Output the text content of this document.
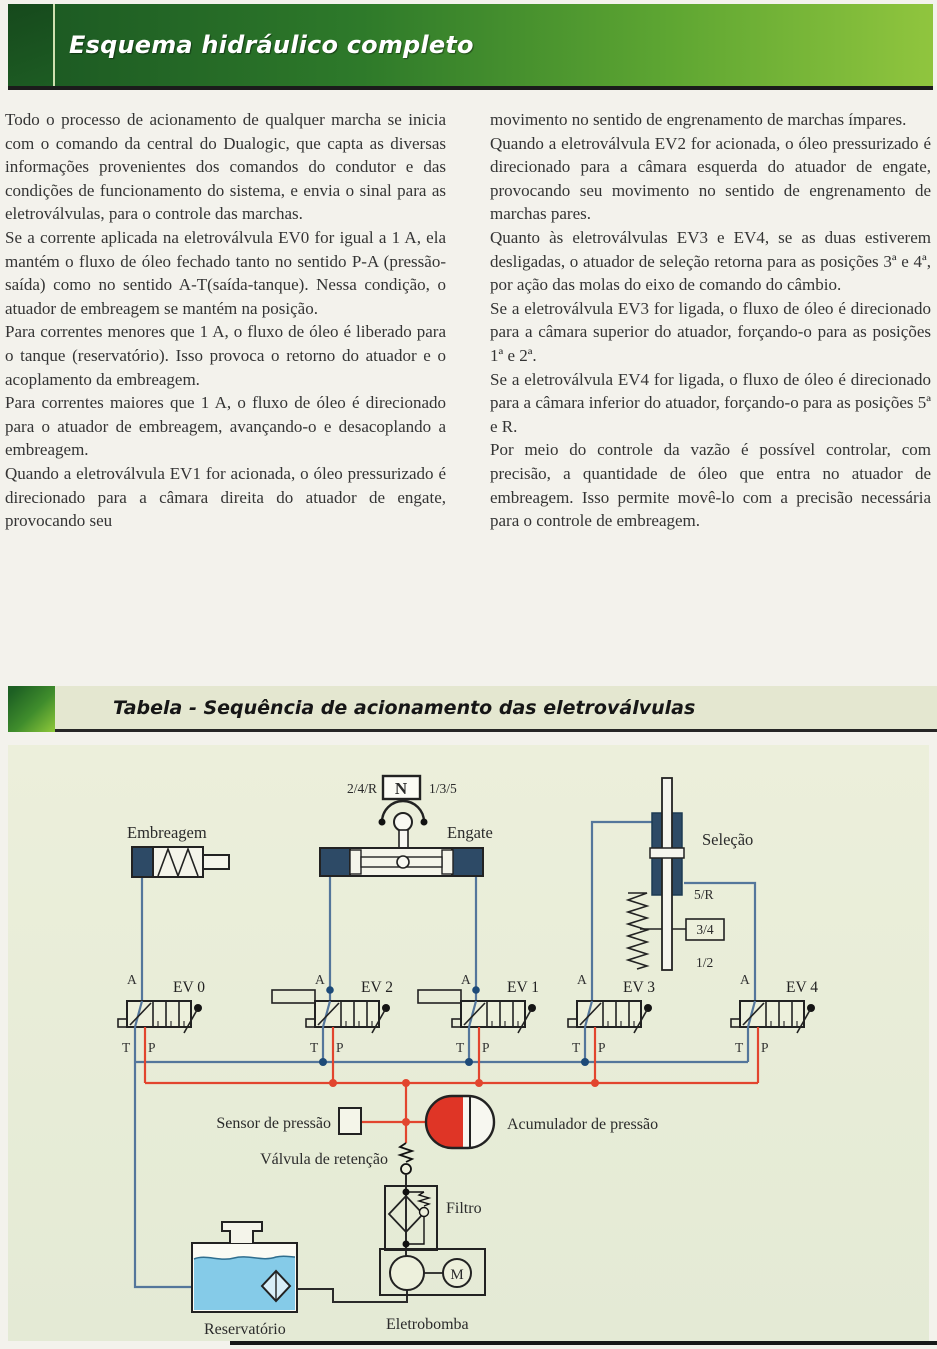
Esquema hidráulico completo

Todo o processo de acionamento de qualquer marcha se inicia com o comando da central do Dualogic, que capta as diversas informações provenientes dos comandos do condutor e das condições de funcionamento do sistema, e envia o sinal para as eletroválvulas, para o controle das marchas.

Se a corrente aplicada na eletroválvula EV0 for igual a 1 A, ela mantém o fluxo de óleo fechado tanto no sentido P-A (pressão-saída) como no sentido A-T(saída-tanque). Nessa condição, o atuador de embreagem se mantém na posição.

Para correntes menores que 1 A, o fluxo de óleo é liberado para o tanque (reservatório). Isso provoca o retorno do atuador e o acoplamento da embreagem.

Para correntes maiores que 1 A, o fluxo de óleo é direcionado para o atuador de embreagem, avançando-o e desacoplando a embreagem.

Quando a eletroválvula EV1 for acionada, o óleo pressurizado é direcionado para a câmara direita do atuador de engate, provocando seu

movimento no sentido de engrenamento de marchas ímpares.

Quando a eletroválvula EV2 for acionada, o óleo pressurizado é direcionado para a câmara esquerda do atuador de engate, provocando seu movimento no sentido de engrenamento de marchas pares.

Quanto às eletroválvulas EV3 e EV4, se as duas estiverem desligadas, o atuador de seleção retorna para as posições 3ª e 4ª, por ação das molas do eixo de comando do câmbio.

Se a eletroválvula EV3 for ligada, o fluxo de óleo é direcionado para a câmara superior do atuador, forçando-o para as posições 1ª e 2ª.

Se a eletroválvula EV4 for ligada, o fluxo de óleo é direcionado para a câmara inferior do atuador, forçando-o para as posições 5ª e R.

Por meio do controle da vazão é possível controlar, com precisão, a quantidade de óleo que entra no atuador de embreagem. Isso permite movê-lo com a precisão necessária para o controle de embreagem.

Tabela - Sequência de acionamento das eletroválvulas
Embreagem
2/4/R N 1/3/5
Engate	Seleção
5/R
3/4
1/2
A EV 0
T P
A EV 2
T P
A EV 1
T P
A EV 3
T P
A EV 4
T P
Sensor de pressão	Acumulador de pressão
Válvula de retenção
Filtro
M
Eletrobomba
Reservatório
